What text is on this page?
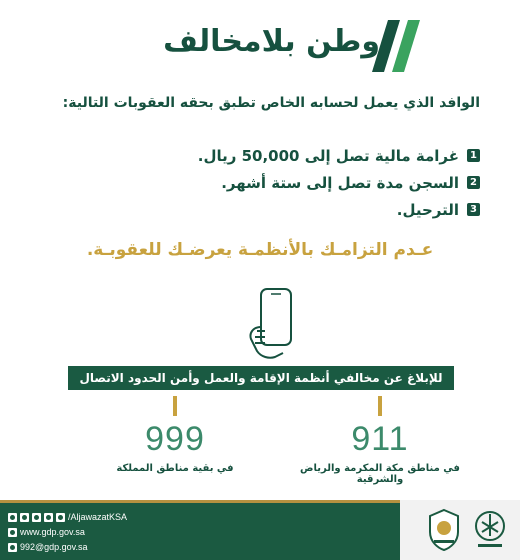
وطن بلامخالف
الوافد الذي يعمل لحسابه الخاص تطبق بحقه العقوبات التالية:
1
غرامة مالية تصل إلى 50,000 ريال.
2
السجن مدة تصل إلى ستة أشهر.
3
الترحيل.
عـدم التزامـك بالأنظمـة يعرضـك للعقوبـة.
للإبلاغ عن مخالفي أنظمة الإقامة والعمل وأمن الحدود الاتصال بالرقمين:
911
في مناطق مكة المكرمة والرياض والشرقية
999
في بقية مناطق المملكة
/AljawazatKSA
www.gdp.gov.sa
992@gdp.gov.sa
